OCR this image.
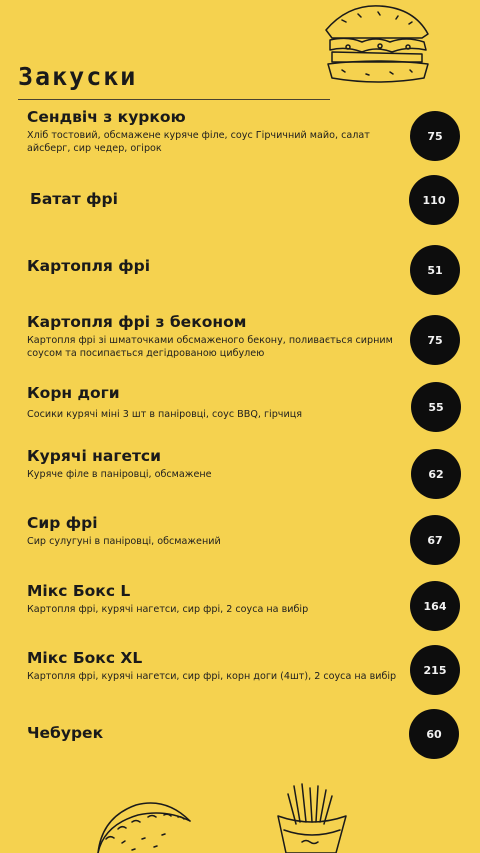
Закуски
Сендвіч з куркою
Хліб тостовий, обсмажене куряче філе, соус Гірчичний майо, салат айсберг, сир чедер, огірок
75
Батат фрі	110
Картопля фрі	51
Картопля фрі з беконом
Картопля фрі зі шматочками обсмаженого бекону, поливається сирним соусом та посипається дегідрованою цибулею
75
Корн доги
Сосики курячі міні 3 шт в паніровці, соус BBQ, гірчиця
55
Курячі нагетси
Куряче філе в паніровці, обсмажене	62
Сир фрі
Сир сулугуні в паніровці, обсмажений	67
Мікс Бокс L
Картопля фрі, курячі нагетси, сир фрі, 2 соуса на вибір	164
Мікс Бокс XL
Картопля фрі, курячі нагетси, сир фрі, корн доги (4шт), 2 соуса на вибір	215
Чебурек	60
